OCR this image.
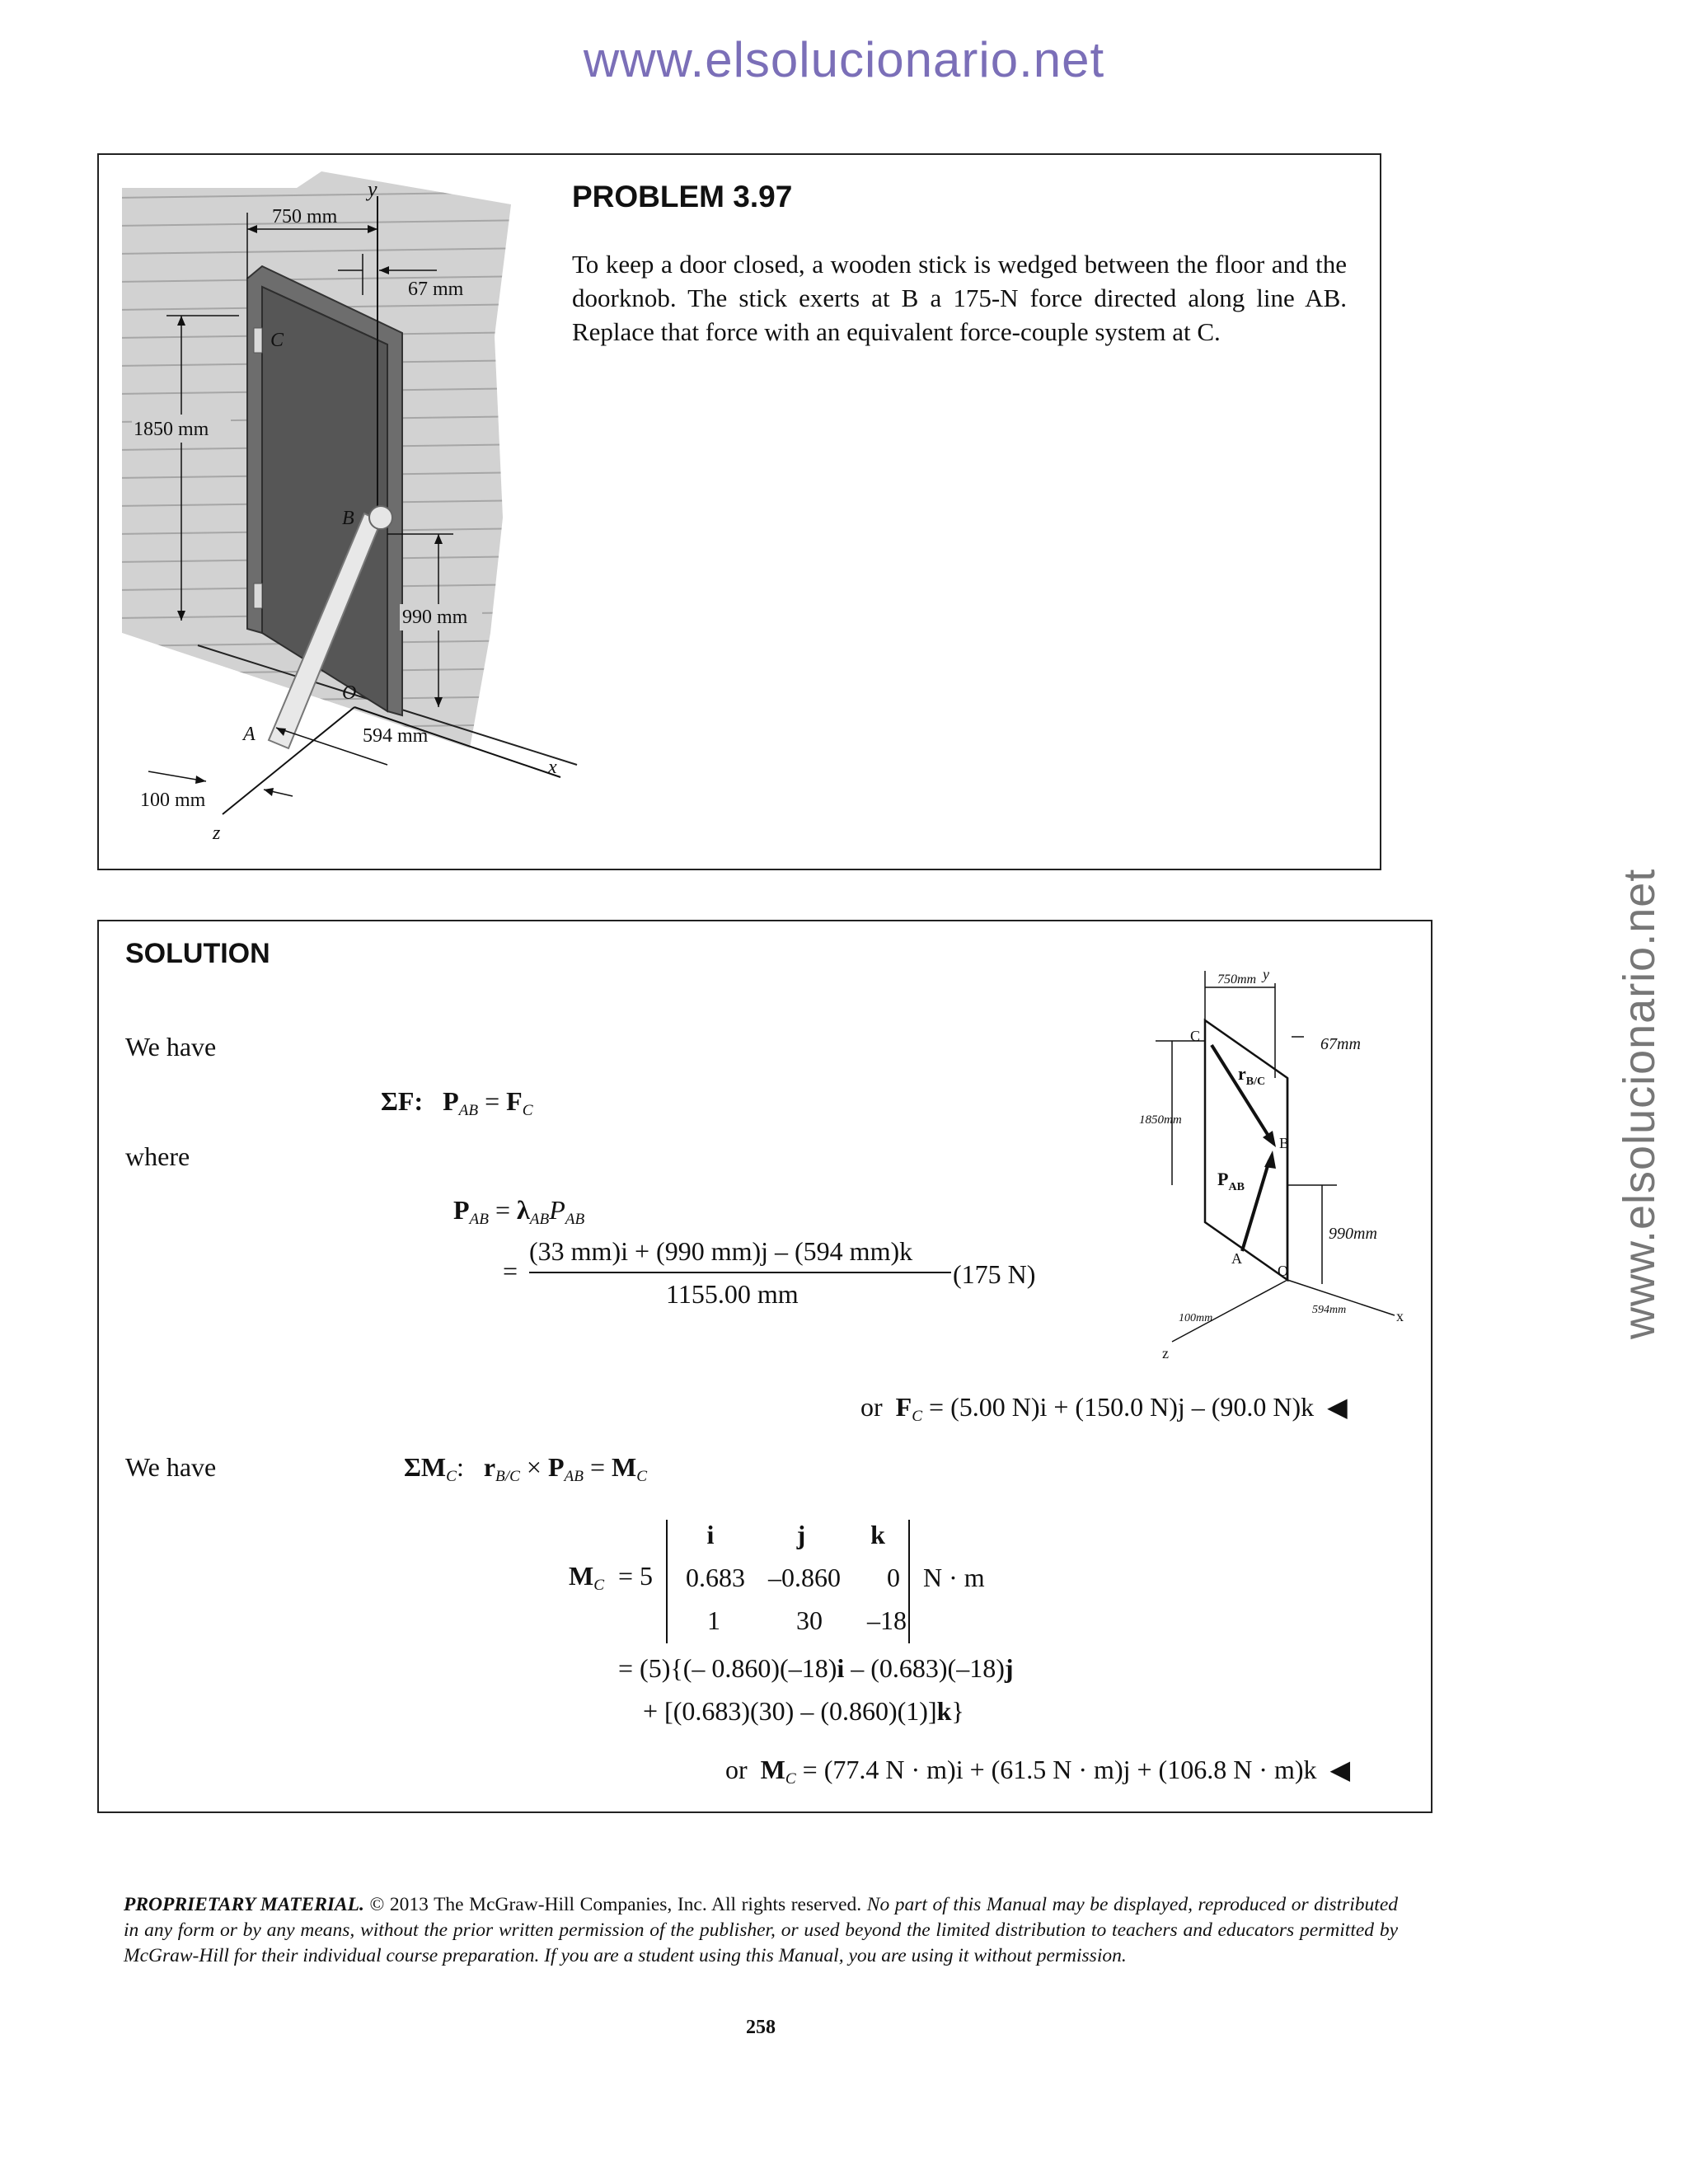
www.elsolucionario.net
www.elsolucionario.net
750 mm
67 mm
1850 mm
990 mm
594 mm
100 mm
y
C
B
O
A
x
z
PROBLEM 3.97
To keep a door closed, a wooden stick is wedged between the floor and the doorknob. The stick exerts at B a 175-N force directed along line AB. Replace that force with an equivalent force-couple system at C.
SOLUTION
We have
ΣF: $P_{AB} = F_C$
where
$P_{AB} = \lambda_{AB}P_{AB}$
=
(33 mm)i + (990 mm)j – (594 mm)k
1155.00 mm
(175 N)
750mm y
67mm
1850mm
C
B
$r_{B/C}$
$P_{AB}$
990mm
O
A
x
z
594mm
100mm
or $F_C = (5.00$ N)i + (150.0 N)j – (90.0 N)k ◀
We have	$\Sigma M_C$:   $r_{B/C} \times P_{AB} = M_C$
$M_C = 5$
i	j	k
0.683 –0.860	0
1	30	–18
N · m
= (5){(– 0.860)(–18)i – (0.683)(–18)j
+ [(0.683)(30) – (0.860)(1)]k}
or $M_C = (77.4$ N · m)i + (61.5 N · m)j + (106.8 N · m)k ◀
PROPRIETARY MATERIAL. © 2013 The McGraw-Hill Companies, Inc. All rights reserved. No part of this Manual may be displayed, reproduced or distributed in any form or by any means, without the prior written permission of the publisher, or used beyond the limited distribution to teachers and educators permitted by McGraw-Hill for their individual course preparation. If you are a student using this Manual, you are using it without permission.
258
